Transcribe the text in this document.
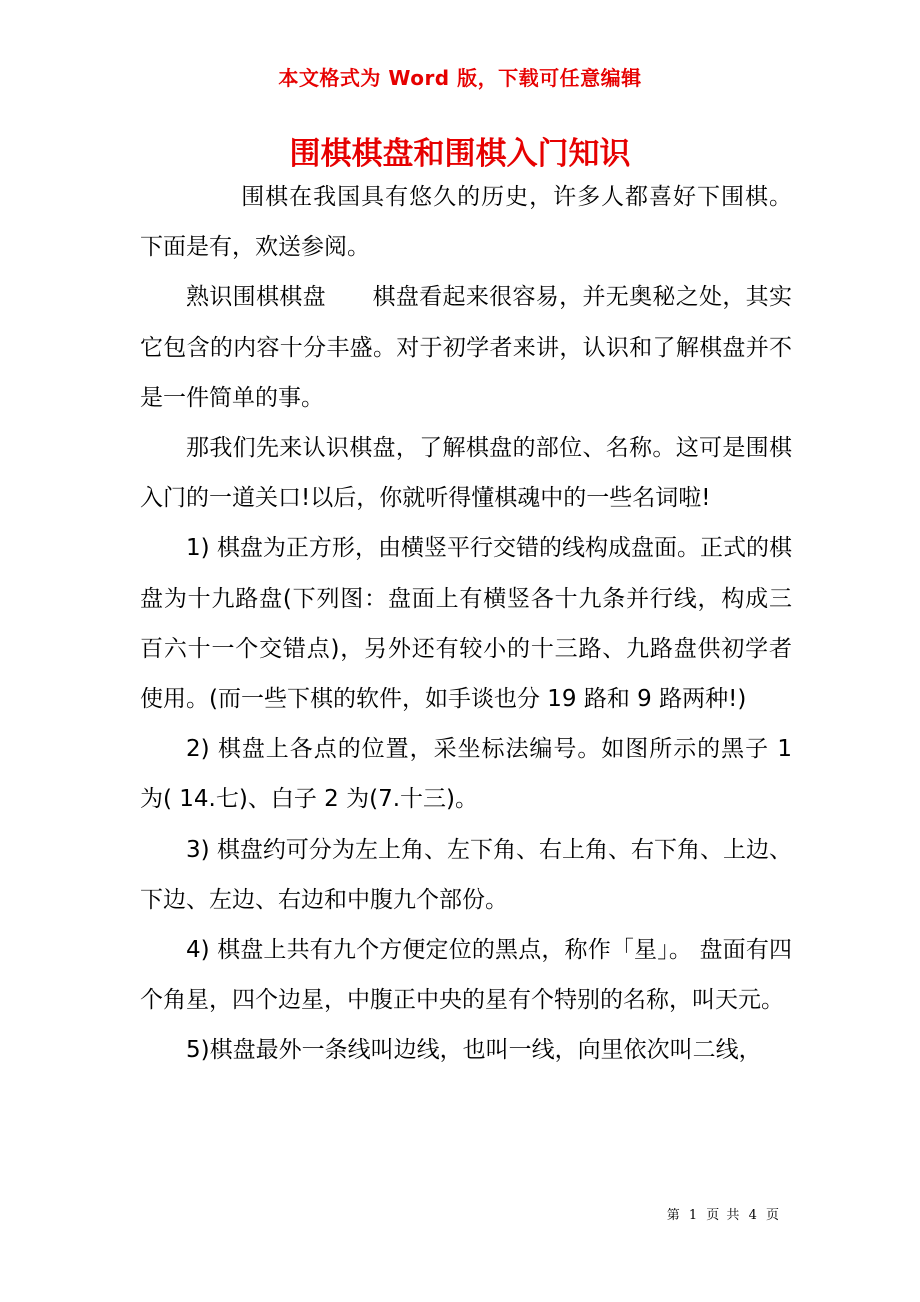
本文格式为 Word 版，下载可任意编辑
围棋棋盘和围棋入门知识

围棋在我国具有悠久的历史，许多人都喜好下围棋。下面是有，欢送参阅。

熟识围棋棋盘　　棋盘看起来很容易，并无奥秘之处，其实它包含的内容十分丰盛。对于初学者来讲，认识和了解棋盘并不是一件简单的事。

那我们先来认识棋盘，了解棋盘的部位、名称。这可是围棋入门的一道关口!以后，你就听得懂棋魂中的一些名词啦!

1) 棋盘为正方形，由横竖平行交错的线构成盘面。正式的棋盘为十九路盘(下列图：盘面上有横竖各十九条并行线，构成三百六十一个交错点)，另外还有较小的十三路、九路盘供初学者使用。(而一些下棋的软件，如手谈也分 19 路和 9 路两种!)

2) 棋盘上各点的位置，采坐标法编号。如图所示的黑子 1 为( 14.七)、白子 2 为(7.十三)。

3) 棋盘约可分为左上角、左下角、右上角、右下角、上边、下边、左边、右边和中腹九个部份。

4) 棋盘上共有九个方便定位的黑点，称作「星」。 盘面有四个角星，四个边星，中腹正中央的星有个特别的名称，叫天元。

5)棋盘最外一条线叫边线，也叫一线，向里依次叫二线，

第 1 页 共 4 页
